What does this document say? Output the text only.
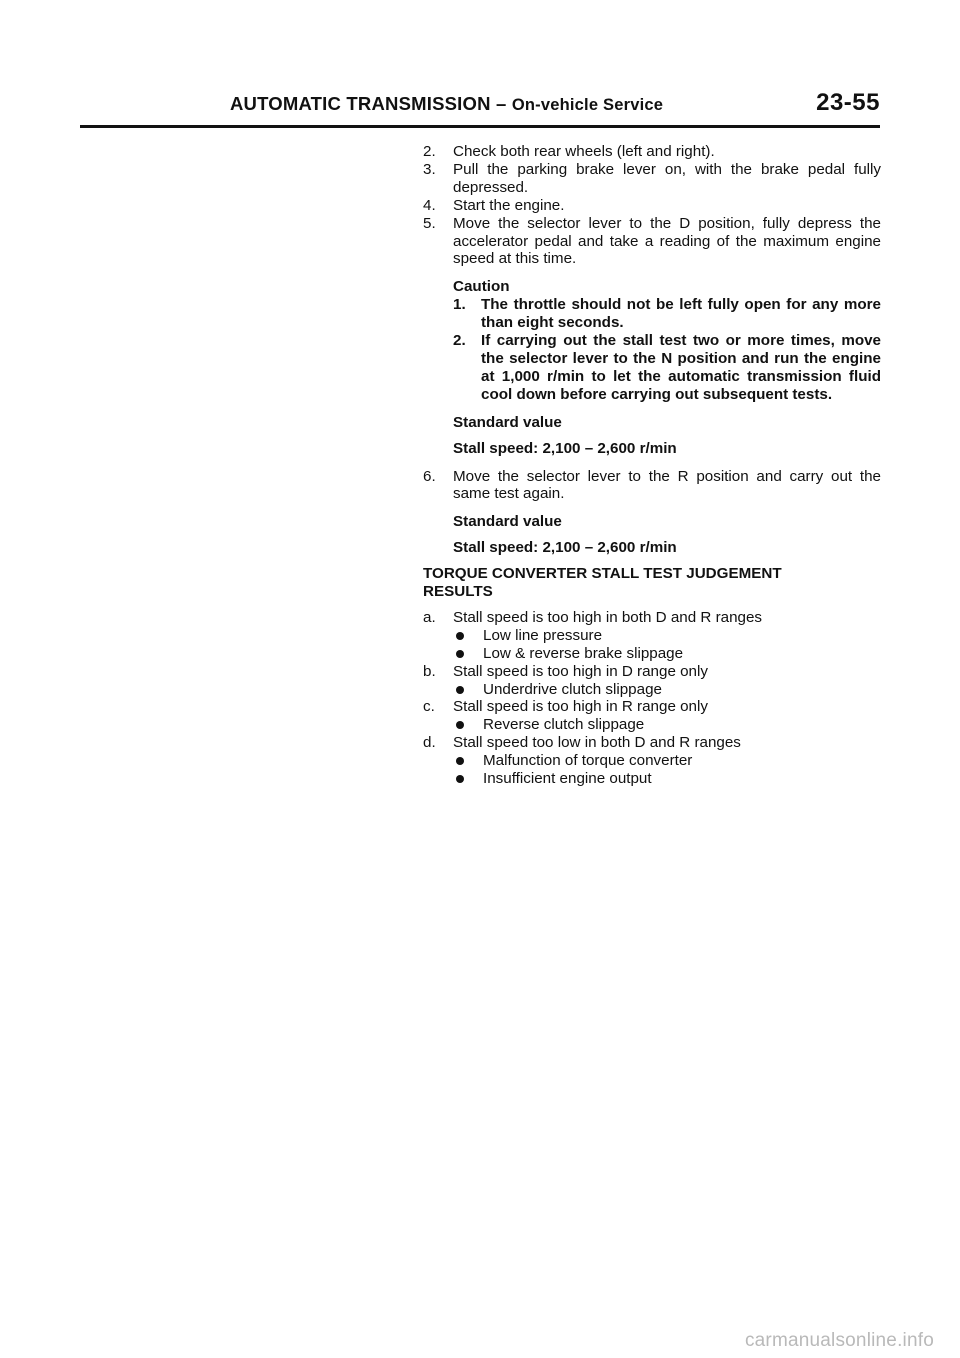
AUTOMATIC TRANSMISSION – On-vehicle Service	23-55
2. Check both rear wheels (left and right).
3. Pull the parking brake lever on, with the brake pedal fully depressed.
4. Start the engine.
5. Move the selector lever to the D position, fully depress the accelerator pedal and take a reading of the maximum engine speed at this time.
Caution
1. The throttle should not be left fully open for any more than eight seconds.
2. If carrying out the stall test two or more times, move the selector lever to the N position and run the engine at 1,000 r/min to let the automatic transmission fluid cool down before carrying out subsequent tests.
Standard value
Stall speed: 2,100 – 2,600 r/min
6. Move the selector lever to the R position and carry out the same test again.
Standard value
Stall speed: 2,100 – 2,600 r/min
TORQUE CONVERTER STALL TEST JUDGEMENT RESULTS
a. Stall speed is too high in both D and R ranges
Low line pressure
Low & reverse brake slippage
b. Stall speed is too high in D range only
Underdrive clutch slippage
c. Stall speed is too high in R range only
Reverse clutch slippage
d. Stall speed too low in both D and R ranges
Malfunction of torque converter
Insufficient engine output
carmanualsonline.info
